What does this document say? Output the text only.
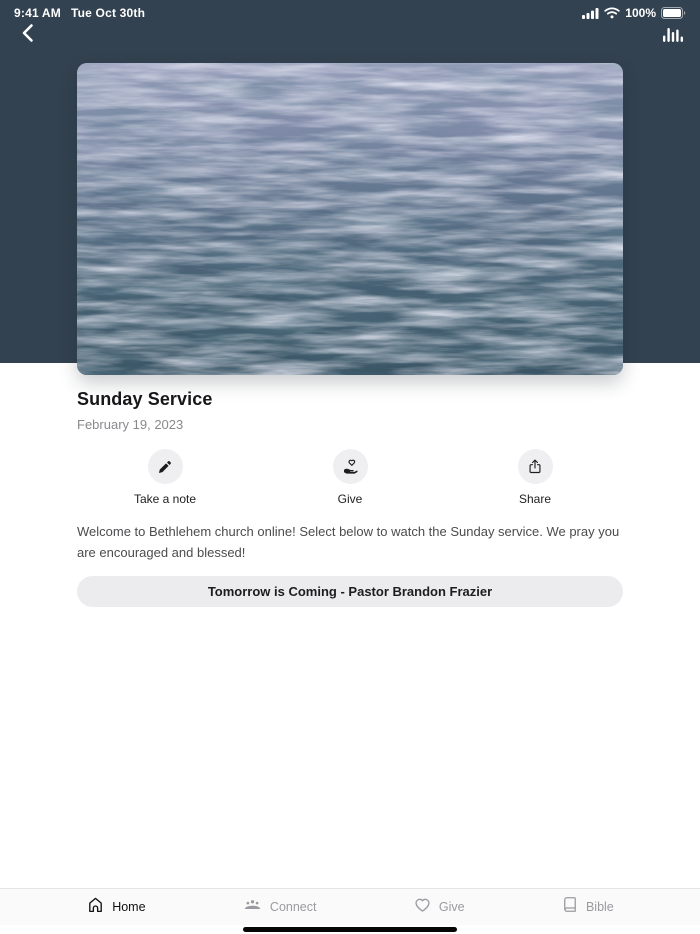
9:41 AM Tue Oct 30th	100%
Sunday Service
February 19, 2023
Take a note	Give	Share

Welcome to Bethlehem church online! Select below to watch the Sunday service. We pray you are encouraged and blessed!

Tomorrow is Coming - Pastor Brandon Frazier
Home	Connect	Give	Bible
